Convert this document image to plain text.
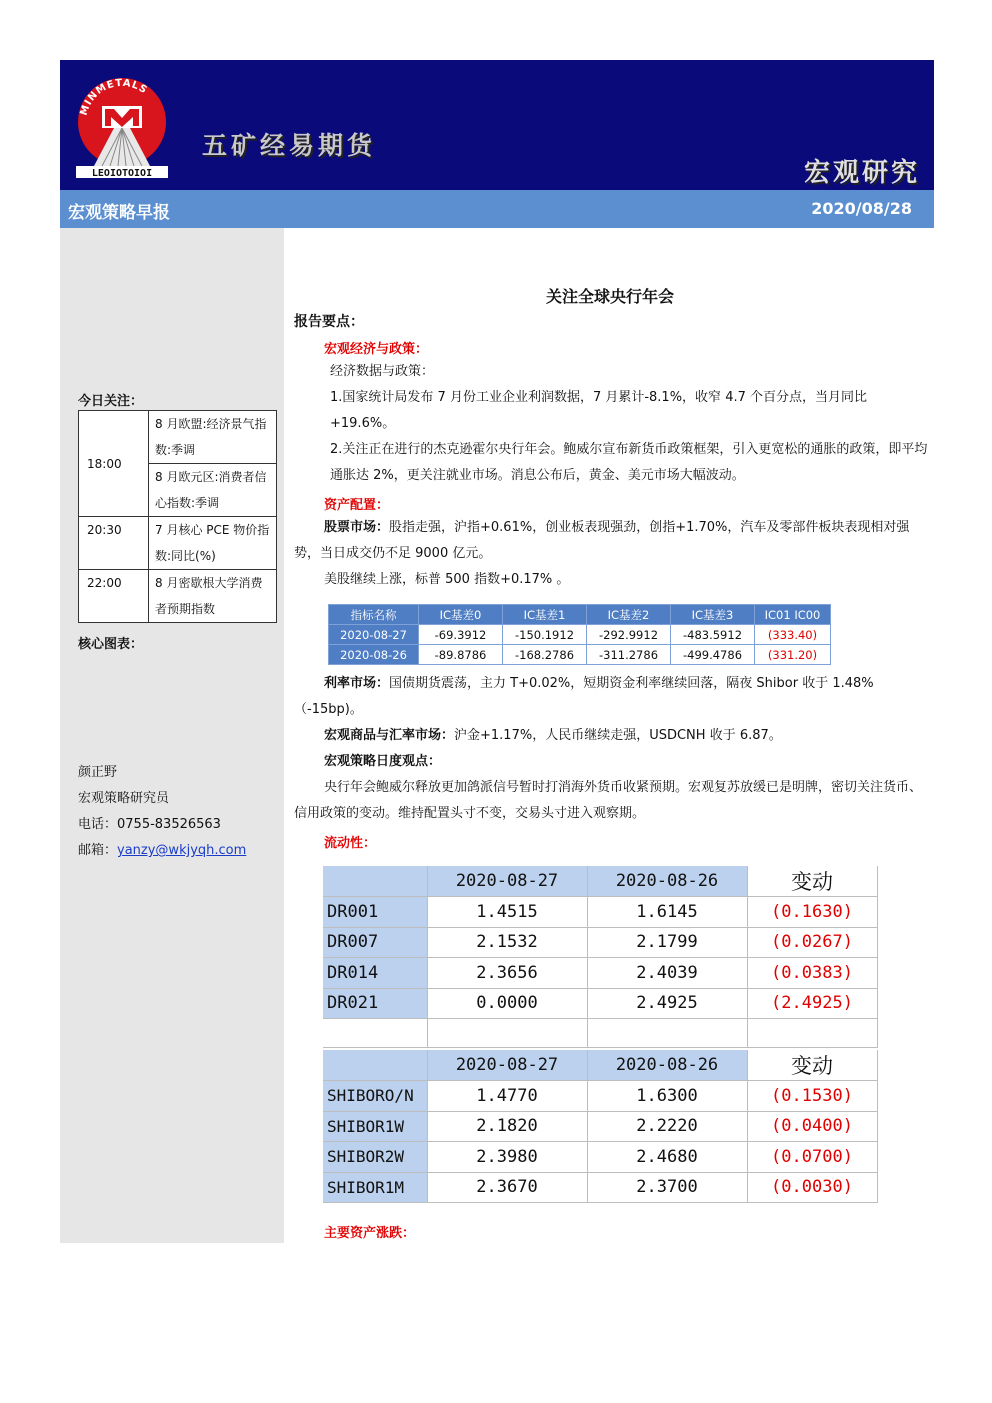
MINMETALS
LEOIOTOIOI
五矿经易期货
宏观研究
宏观策略早报	2020/08/28
今日关注：
18:00	8 月欧盟:经济景气指数:季调
	8 月欧元区:消费者信心指数:季调
20:30	7 月核心 PCE 物价指数:同比(%)
22:00	8 月密歇根大学消费者预期指数
核心图表：
颜正野
宏观策略研究员
电话：0755-83526563
邮箱：yanzy@wkjyqh.com
关注全球央行年会
报告要点：
宏观经济与政策：
经济数据与政策：
1.国家统计局发布 7 月份工业企业利润数据，7 月累计-8.1%，收窄 4.7 个百分点，当月同比+19.6%。
2.关注正在进行的杰克逊霍尔央行年会。鲍威尔宣布新货币政策框架，引入更宽松的通胀的政策，即平均通胀达 2%，更关注就业市场。消息公布后，黄金、美元市场大幅波动。
资产配置：
股票市场：股指走强，沪指+0.61%，创业板表现强劲，创指+1.70%，汽车及零部件板块表现相对强势，当日成交仍不足 9000 亿元。
美股继续上涨，标普 500 指数+0.17% 。
指标名称	IC基差0	IC基差1	IC基差2	IC基差3	IC01 IC00
2020-08-27	-69.3912	-150.1912	-292.9912	-483.5912	(333.40)
2020-08-26	-89.8786	-168.2786	-311.2786	-499.4786	(331.20)
利率市场：国债期货震荡，主力 T+0.02%，短期资金利率继续回落，隔夜 Shibor 收于 1.48%（-15bp)。
宏观商品与汇率市场：沪金+1.17%，人民币继续走强，USDCNH 收于 6.87。
宏观策略日度观点：
央行年会鲍威尔释放更加鸽派信号暂时打消海外货币收紧预期。宏观复苏放缓已是明牌，密切关注货币、信用政策的变动。维持配置头寸不变，交易头寸进入观察期。
流动性：
	2020-08-27	2020-08-26	变动
DR001	1.4515	1.6145	(0.1630)
DR007	2.1532	2.1799	(0.0267)
DR014	2.3656	2.4039	(0.0383)
DR021	0.0000	2.4925	(2.4925)

	2020-08-27	2020-08-26	变动
SHIBORO/N	1.4770	1.6300	(0.1530)
SHIBOR1W	2.1820	2.2220	(0.0400)
SHIBOR2W	2.3980	2.4680	(0.0700)
SHIBOR1M	2.3670	2.3700	(0.0030)
主要资产涨跌：
